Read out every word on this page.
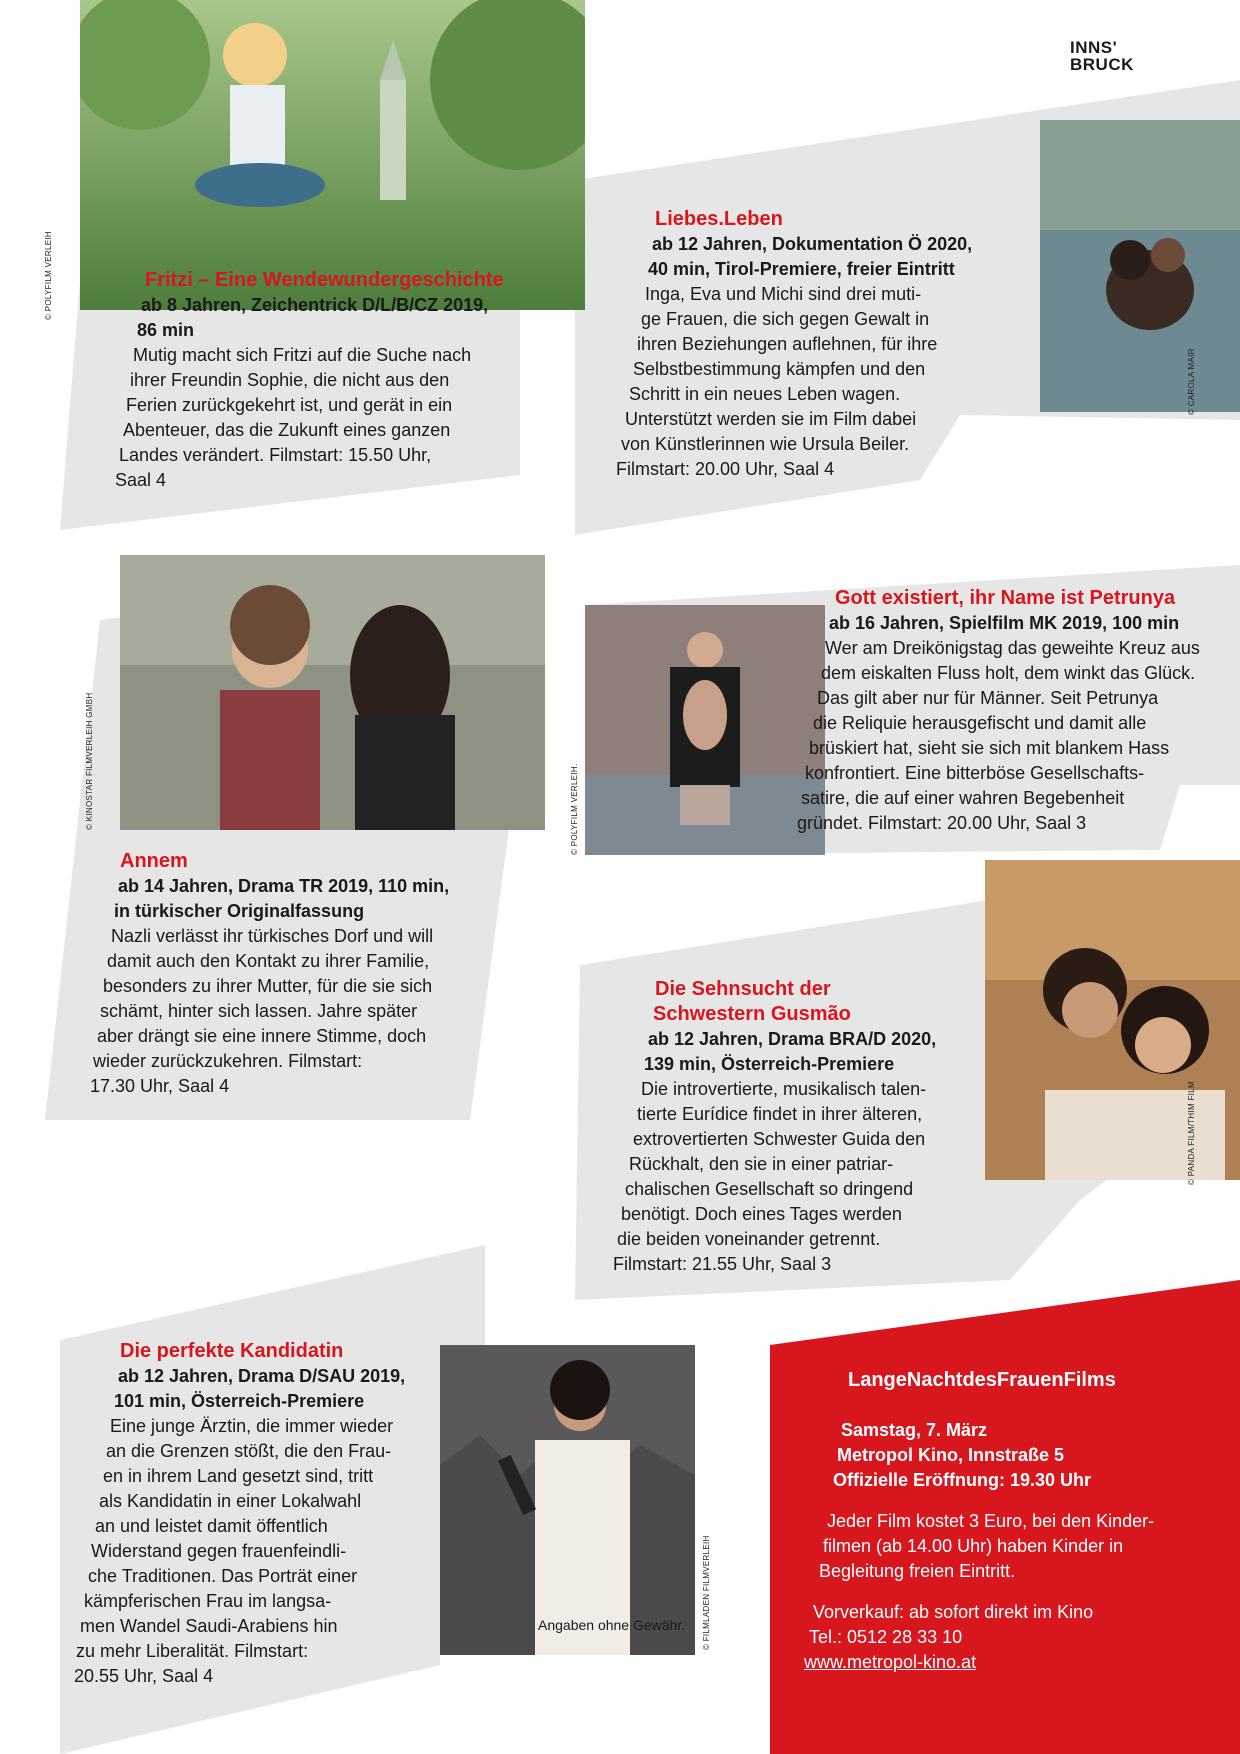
INNS'
BRUCK
© POLYFILM VERLEIH
© CAROLA MAIR
© KINOSTAR FILMVERLEIH GMBH	© POLYFILM VERLEIH.
© PANDA FILM/THIM FILM
© FILMLADEN FILMVERLEIH
Fritzi – Eine Wendewundergeschichte
ab 8 Jahren, Zeichentrick D/L/B/CZ 2019,
86 min
Mutig macht sich Fritzi auf die Suche nach
ihrer Freundin Sophie, die nicht aus den
Ferien zurückgekehrt ist, und gerät in ein
Abenteuer, das die Zukunft eines ganzen
Landes verändert. Filmstart: 15.50 Uhr,
Saal 4
Liebes.Leben
ab 12 Jahren, Dokumentation Ö 2020,
40 min, Tirol-Premiere, freier Eintritt
Inga, Eva und Michi sind drei muti-
ge Frauen, die sich gegen Gewalt in
ihren Beziehungen auflehnen, für ihre
Selbstbestimmung kämpfen und den
Schritt in ein neues Leben wagen.
Unterstützt werden sie im Film dabei
von Künstlerinnen wie Ursula Beiler.
Filmstart: 20.00 Uhr, Saal 4
Annem
ab 14 Jahren, Drama TR 2019, 110 min,
in türkischer Originalfassung
Nazli verlässt ihr türkisches Dorf und will
damit auch den Kontakt zu ihrer Familie,
besonders zu ihrer Mutter, für die sie sich
schämt, hinter sich lassen. Jahre später
aber drängt sie eine innere Stimme, doch
wieder zurückzukehren. Filmstart:
17.30 Uhr, Saal 4
Gott existiert, ihr Name ist Petrunya
ab 16 Jahren, Spielfilm MK 2019, 100 min
Wer am Dreikönigstag das geweihte Kreuz aus
dem eiskalten Fluss holt, dem winkt das Glück.
Das gilt aber nur für Männer. Seit Petrunya
die Reliquie herausgefischt und damit alle
brüskiert hat, sieht sie sich mit blankem Hass
konfrontiert. Eine bitterböse Gesellschafts-
satire, die auf einer wahren Begebenheit
gründet. Filmstart: 20.00 Uhr, Saal 3
Die Sehnsucht der
Schwestern Gusmão
ab 12 Jahren, Drama BRA/D 2020,
139 min, Österreich-Premiere
Die introvertierte, musikalisch talen-
tierte Eurídice findet in ihrer älteren,
extrovertierten Schwester Guida den
Rückhalt, den sie in einer patriar-
chalischen Gesellschaft so dringend
benötigt. Doch eines Tages werden
die beiden voneinander getrennt.
Filmstart: 21.55 Uhr, Saal 3
Die perfekte Kandidatin
ab 12 Jahren, Drama D/SAU 2019,
101 min, Österreich-Premiere
Eine junge Ärztin, die immer wieder
an die Grenzen stößt, die den Frau-
en in ihrem Land gesetzt sind, tritt
als Kandidatin in einer Lokalwahl
an und leistet damit öffentlich
Widerstand gegen frauenfeindli-
che Traditionen. Das Porträt einer
kämpferischen Frau im langsa-
men Wandel Saudi-Arabiens hin
zu mehr Liberalität. Filmstart:
20.55 Uhr, Saal 4
LangeNachtdesFrauenFilms
Samstag, 7. März
Metropol Kino, Innstraße 5
Offizielle Eröffnung: 19.30 Uhr
Jeder Film kostet 3 Euro, bei den Kinder-
filmen (ab 14.00 Uhr) haben Kinder in
Begleitung freien Eintritt.
Vorverkauf: ab sofort direkt im Kino
Tel.: 0512 28 33 10
www.metropol-kino.at
Angaben ohne Gewähr.
